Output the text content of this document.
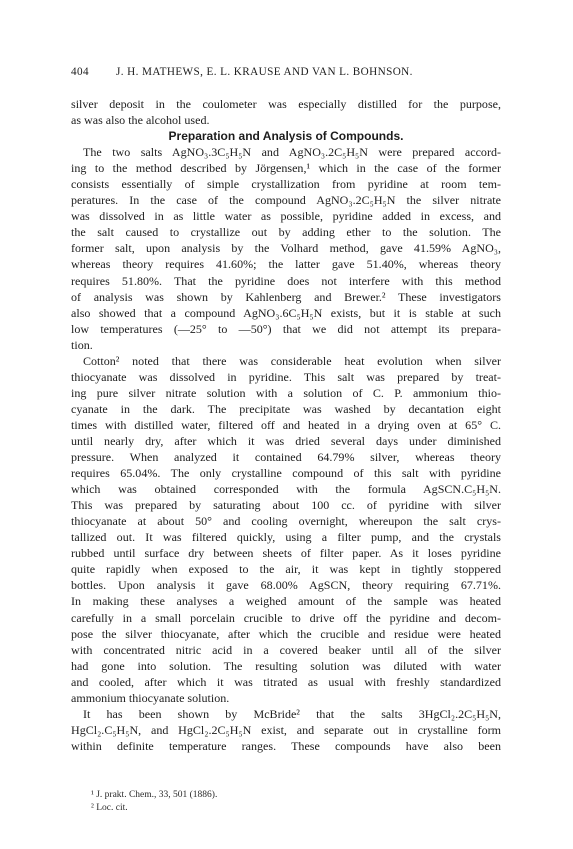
404 J. H. MATHEWS, E. L. KRAUSE AND VAN L. BOHNSON.
silver deposit in the coulometer was especially distilled for the purpose,
as was also the alcohol used.
Preparation and Analysis of Compounds.
The two salts AgNO₃.3C₅H₅N and AgNO₃.2C₅H₅N were prepared accord-
ing to the method described by Jörgensen,¹ which in the case of the former
consists essentially of simple crystallization from pyridine at room tem-
peratures. In the case of the compound AgNO₃.2C₅H₅N the silver nitrate
was dissolved in as little water as possible, pyridine added in excess, and
the salt caused to crystallize out by adding ether to the solution. The
former salt, upon analysis by the Volhard method, gave 41.59% AgNO₃,
whereas theory requires 41.60%; the latter gave 51.40%, whereas theory
requires 51.80%. That the pyridine does not interfere with this method
of analysis was shown by Kahlenberg and Brewer.² These investigators
also showed that a compound AgNO₃.6C₅H₅N exists, but it is stable at such
low temperatures (—25° to —50°) that we did not attempt its prepara-
tion.
Cotton² noted that there was considerable heat evolution when silver
thiocyanate was dissolved in pyridine. This salt was prepared by treat-
ing pure silver nitrate solution with a solution of C. P. ammonium thio-
cyanate in the dark. The precipitate was washed by decantation eight
times with distilled water, filtered off and heated in a drying oven at 65° C.
until nearly dry, after which it was dried several days under diminished
pressure. When analyzed it contained 64.79% silver, whereas theory
requires 65.04%. The only crystalline compound of this salt with pyridine
which was obtained corresponded with the formula AgSCN.C₅H₅N.
This was prepared by saturating about 100 cc. of pyridine with silver
thiocyanate at about 50° and cooling overnight, whereupon the salt crys-
tallized out. It was filtered quickly, using a filter pump, and the crystals
rubbed until surface dry between sheets of filter paper. As it loses pyridine
quite rapidly when exposed to the air, it was kept in tightly stoppered
bottles. Upon analysis it gave 68.00% AgSCN, theory requiring 67.71%.
In making these analyses a weighed amount of the sample was heated
carefully in a small porcelain crucible to drive off the pyridine and decom-
pose the silver thiocyanate, after which the crucible and residue were heated
with concentrated nitric acid in a covered beaker until all of the silver
had gone into solution. The resulting solution was diluted with water
and cooled, after which it was titrated as usual with freshly standardized
ammonium thiocyanate solution.
It has been shown by McBride² that the salts 3HgCl₂.2C₅H₅N,
HgCl₂.C₅H₅N, and HgCl₂.2C₅H₅N exist, and separate out in crystalline form
within definite temperature ranges. These compounds have also been
¹ J. prakt. Chem., 33, 501 (1886).
² Loc. cit.
